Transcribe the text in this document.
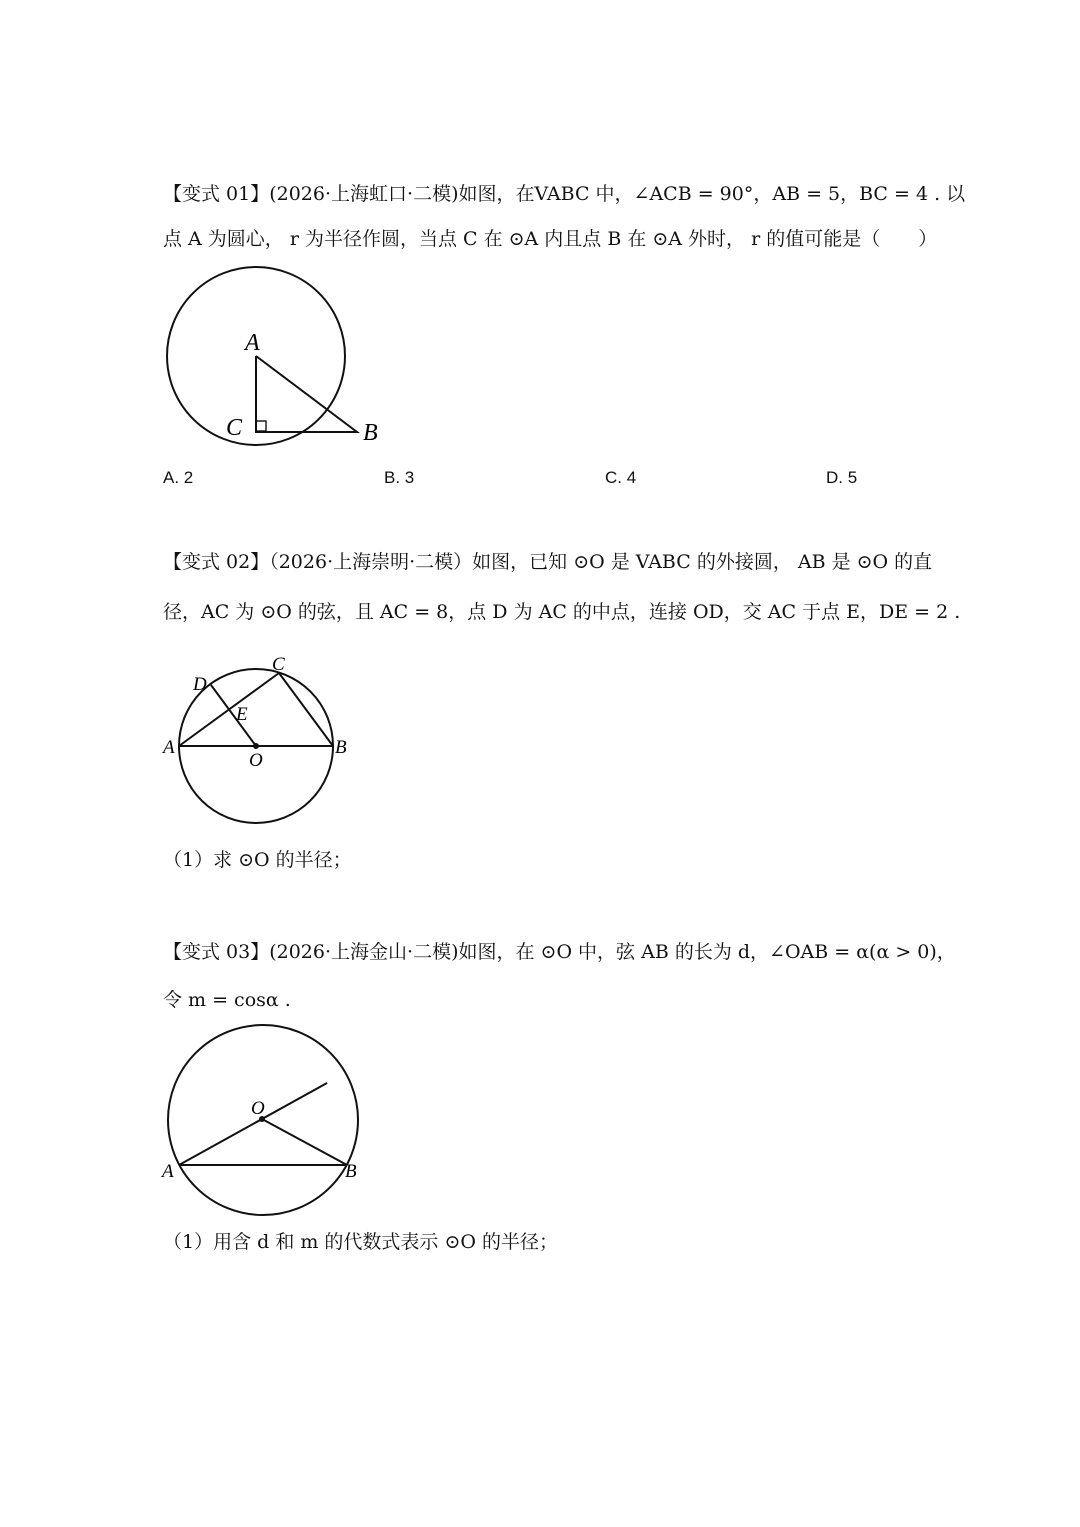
【变式 01】(2026·上海虹口·二模)如图，在VABC 中，∠ACB = 90°，AB = 5，BC = 4 . 以
点 A 为圆心， r 为半径作圆，当点 C 在 ⊙A 内且点 B 在 ⊙A 外时， r 的值可能是（　　）
A
C	B
A. 2	B. 3	C. 4	D. 5
【变式 02】（2026·上海崇明·二模）如图，已知 ⊙O 是 VABC 的外接圆， AB 是 ⊙O 的直
径，AC 为 ⊙O 的弦，且 AC = 8，点 D 为 AC 的中点，连接 OD，交 AC 于点 E，DE = 2 .
A	B
C
D
E
O
（1）求 ⊙O 的半径；
【变式 03】(2026·上海金山·二模)如图，在 ⊙O 中，弦 AB 的长为 d，∠OAB = α(α > 0)，
令 m = cosα .
O
A	B
（1）用含 d 和 m 的代数式表示 ⊙O 的半径；
